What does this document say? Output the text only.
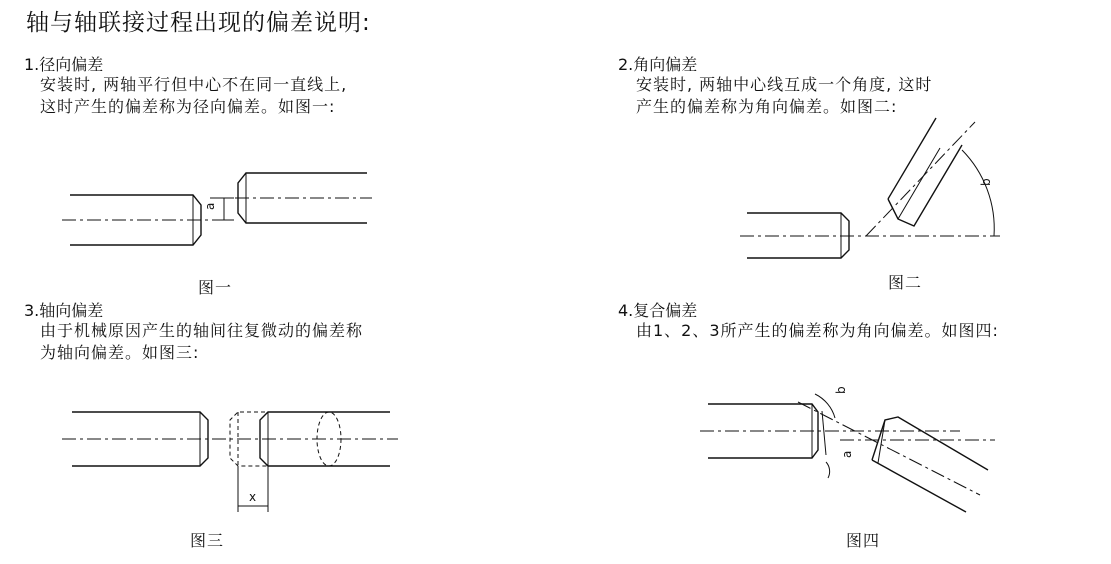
轴与轴联接过程出现的偏差说明:
1.径向偏差
安装时, 两轴平行但中心不在同一直线上,
这时产生的偏差称为径向偏差。如图一:
图一
2.角向偏差
安装时, 两轴中心线互成一个角度, 这时
产生的偏差称为角向偏差。如图二:
图二
3.轴向偏差
由于机械原因产生的轴间往复微动的偏差称
为轴向偏差。如图三:
图三
4.复合偏差
由1、2、3所产生的偏差称为角向偏差。如图四:
图四
a
b
x
b
a
